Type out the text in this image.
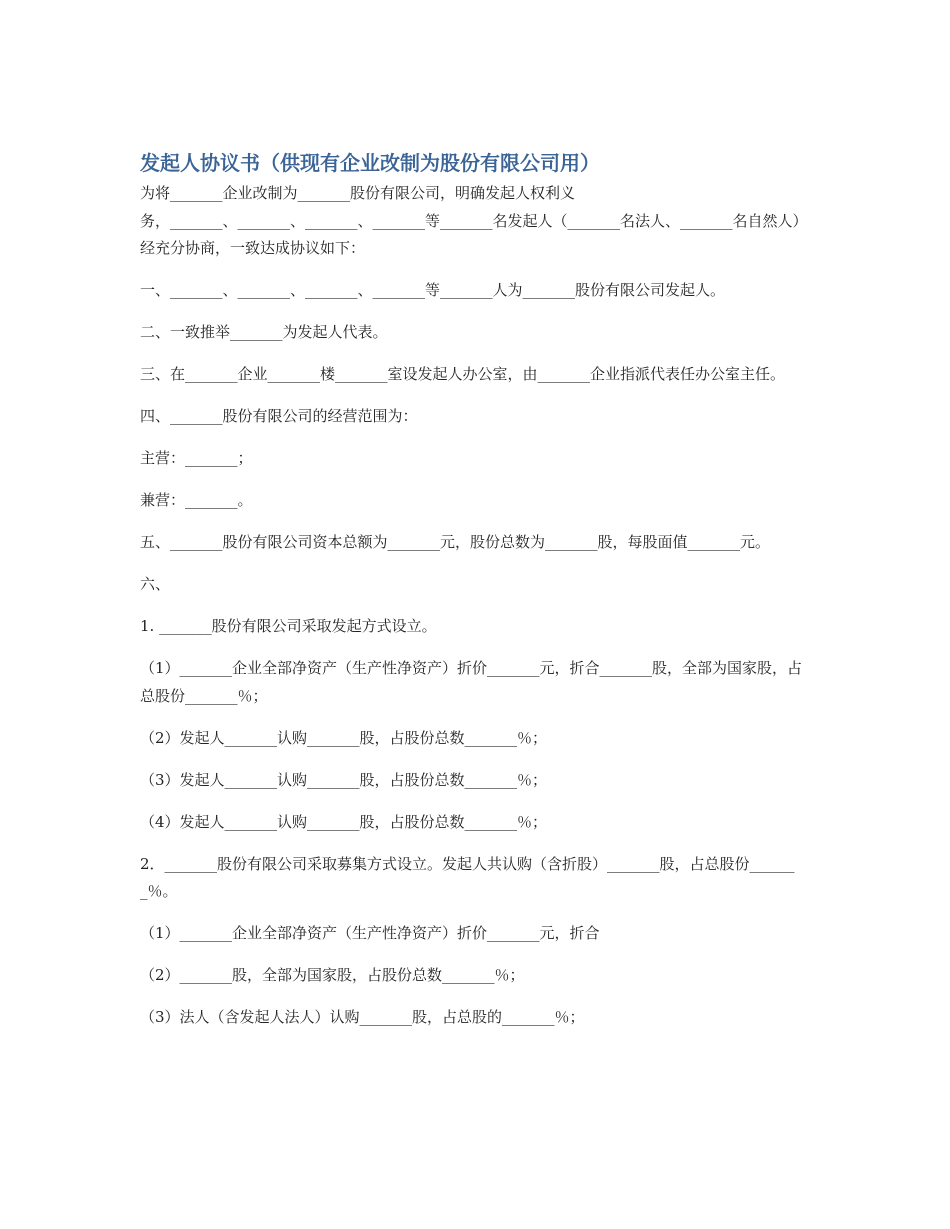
发起人协议书（供现有企业改制为股份有限公司用）

为将_______企业改制为_______股份有限公司，明确发起人权利义

务，_______、_______、_______、_______等_______名发起人（_______名法人、_______名自然人）经充分协商，一致达成协议如下：

一、_______、_______、_______、_______等_______人为_______股份有限公司发起人。

二、一致推举_______为发起人代表。

三、在_______企业_______楼_______室设发起人办公室，由_______企业指派代表任办公室主任。

四、_______股份有限公司的经营范围为：

主营：_______；

兼营：_______。

五、_______股份有限公司资本总额为_______元，股份总数为_______股，每股面值_______元。

六、

1. _______股份有限公司采取发起方式设立。

（1）_______企业全部净资产（生产性净资产）折价_______元，折合_______股，全部为国家股，占总股份_______％；

（2）发起人_______认购_______股，占股份总数_______％；

（3）发起人_______认购_______股，占股份总数_______％；

（4）发起人_______认购_______股，占股份总数_______％；

2．_______股份有限公司采取募集方式设立。发起人共认购（含折股）_______股，占总股份_______％。

（1）_______企业全部净资产（生产性净资产）折价_______元，折合

（2）_______股，全部为国家股，占股份总数_______％；

（3）法人（含发起人法人）认购_______股，占总股的_______％；
